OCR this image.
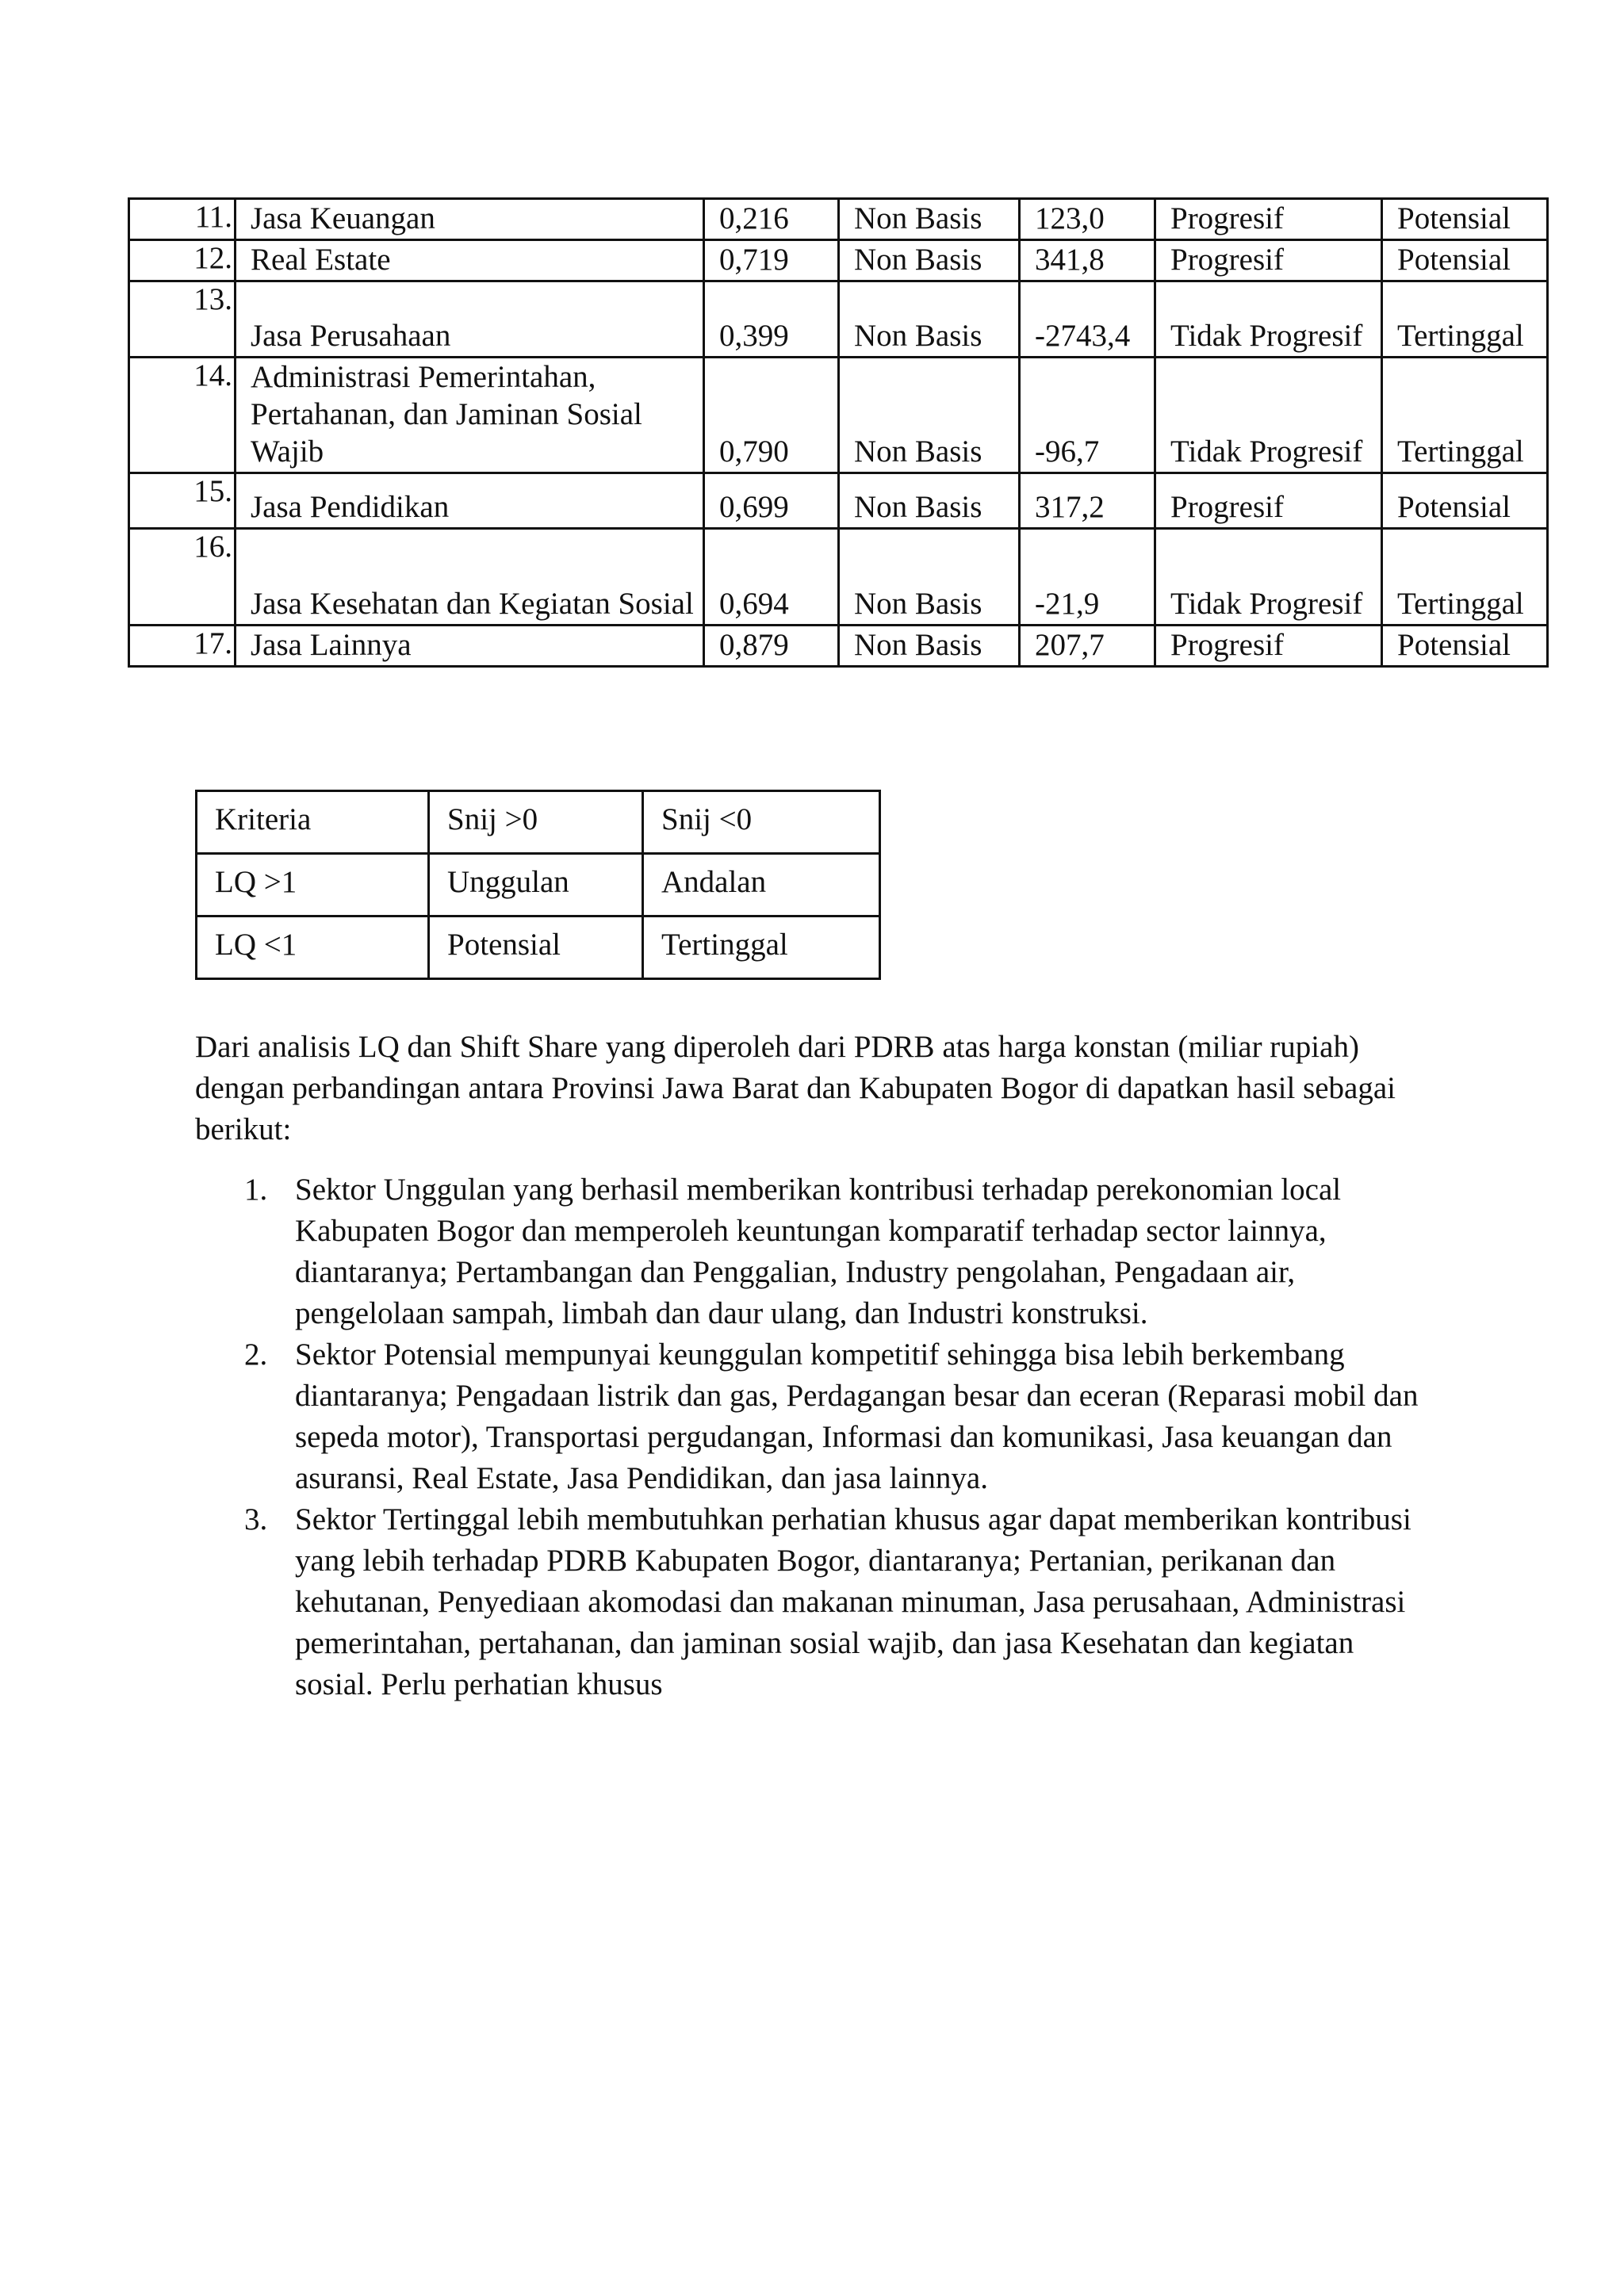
11.	Jasa Keuangan	0,216	Non Basis	123,0	Progresif	Potensial
12.	Real Estate	0,719	Non Basis	341,8	Progresif	Potensial
13.	Jasa Perusahaan	0,399	Non Basis	-2743,4	Tidak Progresif	Tertinggal
14.	Administrasi Pemerintahan, Pertahanan, dan Jaminan Sosial Wajib	0,790	Non Basis	-96,7	Tidak Progresif	Tertinggal
15.	Jasa Pendidikan	0,699	Non Basis	317,2	Progresif	Potensial
16.	Jasa Kesehatan dan Kegiatan Sosial	0,694	Non Basis	-21,9	Tidak Progresif	Tertinggal
17.	Jasa Lainnya	0,879	Non Basis	207,7	Progresif	Potensial
Kriteria	Snij >0	Snij <0
LQ >1	Unggulan	Andalan
LQ <1	Potensial	Tertinggal

Dari analisis LQ dan Shift Share yang diperoleh dari PDRB atas harga konstan (miliar rupiah) dengan perbandingan antara Provinsi Jawa Barat dan Kabupaten Bogor di dapatkan hasil sebagai berikut:

1. Sektor Unggulan yang berhasil memberikan kontribusi terhadap perekonomian local Kabupaten Bogor dan memperoleh keuntungan komparatif terhadap sector lainnya, diantaranya; Pertambangan dan Penggalian, Industry pengolahan, Pengadaan air, pengelolaan sampah, limbah dan daur ulang, dan Industri konstruksi.
2. Sektor Potensial mempunyai keunggulan kompetitif sehingga bisa lebih berkembang diantaranya; Pengadaan listrik dan gas, Perdagangan besar dan eceran (Reparasi mobil dan sepeda motor), Transportasi pergudangan, Informasi dan komunikasi, Jasa keuangan dan asuransi, Real Estate, Jasa Pendidikan, dan jasa lainnya.
3. Sektor Tertinggal lebih membutuhkan perhatian khusus agar dapat memberikan kontribusi yang lebih terhadap PDRB Kabupaten Bogor, diantaranya; Pertanian, perikanan dan kehutanan, Penyediaan akomodasi dan makanan minuman, Jasa perusahaan, Administrasi pemerintahan, pertahanan, dan jaminan sosial wajib, dan jasa Kesehatan dan kegiatan sosial. Perlu perhatian khusus
